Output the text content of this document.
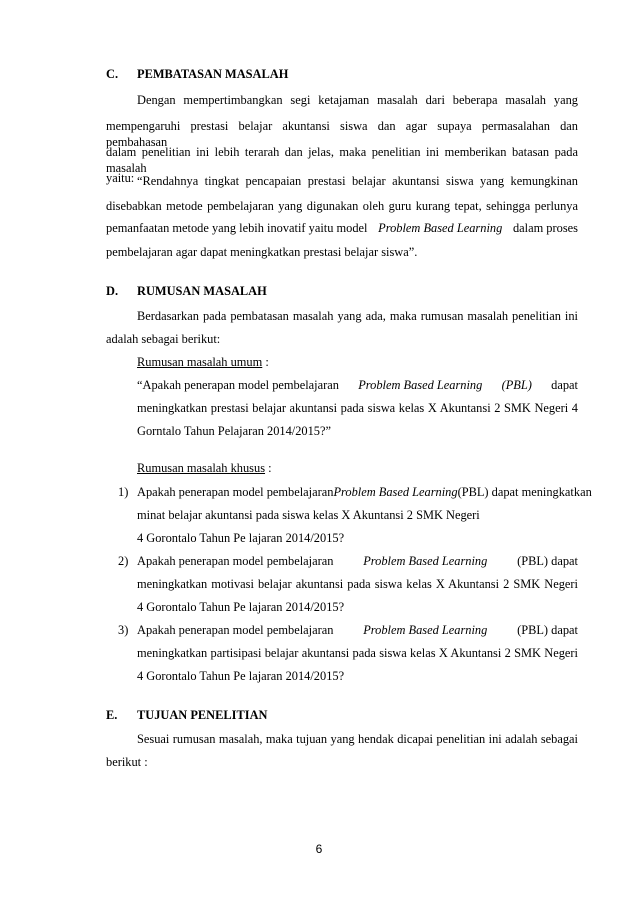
C. PEMBATASAN MASALAH
Dengan mempertimbangkan segi ketajaman masalah dari beberapa masalah yang
mempengaruhi prestasi belajar akuntansi siswa dan agar supaya permasalahan dan pembahasan
dalam penelitian ini lebih terarah dan jelas, maka penelitian ini memberikan batasan pada masalah
yaitu: “Rendahnya tingkat pencapaian prestasi belajar akuntansi siswa yang kemungkinan
disebabkan metode pembelajaran yang digunakan oleh guru kurang tepat, sehingga perlunya
pemanfaatan metode yang lebih inovatif yaitu model Problem Based Learning dalam proses
pembelajaran agar dapat meningkatkan prestasi belajar siswa”.
D. RUMUSAN MASALAH
Berdasarkan pada pembatasan masalah yang ada, maka rumusan masalah penelitian ini
adalah sebagai berikut:
Rumusan masalah umum :
“Apakah penerapan model pembelajaran Problem Based Learning (PBL) dapat
meningkatkan prestasi belajar akuntansi pada siswa kelas X Akuntansi 2 SMK Negeri 4
Gorntalo Tahun Pelajaran 2014/2015?”
Rumusan masalah khusus :
1) Apakah penerapan model pembelajaran Problem Based Learning (PBL) dapat meningkatkan
minat belajar akuntansi pada siswa kelas X Akuntansi 2 SMK Negeri
4 Gorontalo Tahun Pe lajaran 2014/2015?
2) Apakah penerapan model pembelajaran Problem Based Learning (PBL) dapat
meningkatkan motivasi belajar akuntansi pada siswa kelas X Akuntansi 2 SMK Negeri
4 Gorontalo Tahun Pe lajaran 2014/2015?
3) Apakah penerapan model pembelajaran Problem Based Learning (PBL) dapat
meningkatkan partisipasi belajar akuntansi pada siswa kelas X Akuntansi 2 SMK Negeri
4 Gorontalo Tahun Pe lajaran 2014/2015?
E. TUJUAN PENELITIAN
Sesuai rumusan masalah, maka tujuan yang hendak dicapai penelitian ini adalah sebagai
berikut :
6
